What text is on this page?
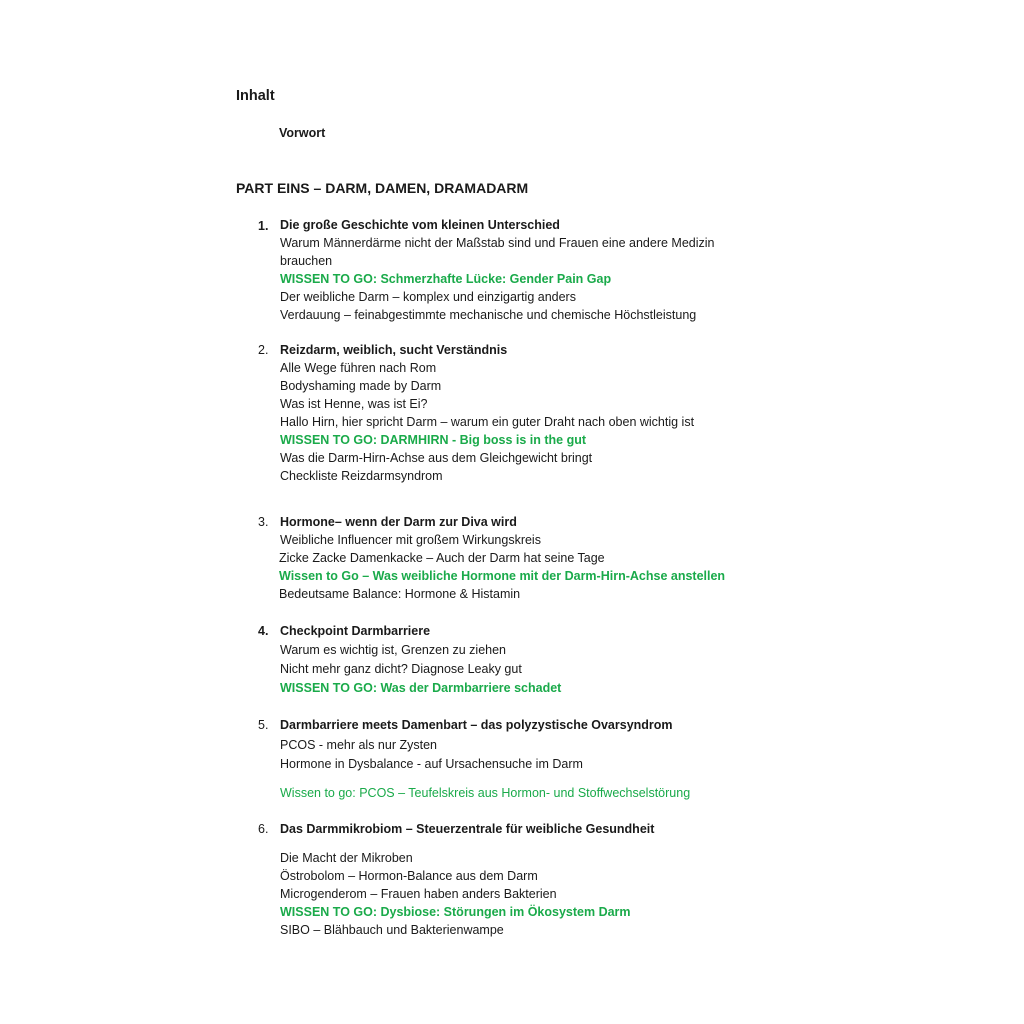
Inhalt
Vorwort
PART EINS – DARM, DAMEN, DRAMADARM
1. Die große Geschichte vom kleinen Unterschied
Warum Männerdärme nicht der Maßstab sind und Frauen eine andere Medizin
brauchen
WISSEN TO GO: Schmerzhafte Lücke: Gender Pain Gap
Der weibliche Darm – komplex und einzigartig anders
Verdauung – feinabgestimmte mechanische und chemische Höchstleistung
2. Reizdarm, weiblich, sucht Verständnis
Alle Wege führen nach Rom
Bodyshaming made by Darm
Was ist Henne, was ist Ei?
Hallo Hirn, hier spricht Darm – warum ein guter Draht nach oben wichtig ist
WISSEN TO GO: DARMHIRN - Big boss is in the gut
Was die Darm-Hirn-Achse aus dem Gleichgewicht bringt
Checkliste Reizdarmsyndrom
3. Hormone– wenn der Darm zur Diva wird
Weibliche Influencer mit großem Wirkungskreis
Zicke Zacke Damenkacke – Auch der Darm hat seine Tage
Wissen to Go – Was weibliche Hormone mit der Darm-Hirn-Achse anstellen
Bedeutsame Balance: Hormone & Histamin
4. Checkpoint Darmbarriere
Warum es wichtig ist, Grenzen zu ziehen
Nicht mehr ganz dicht? Diagnose Leaky gut
WISSEN TO GO: Was der Darmbarriere schadet
5. Darmbarriere meets Damenbart – das polyzystische Ovarsyndrom
PCOS - mehr als nur Zysten
Hormone in Dysbalance - auf Ursachensuche im Darm
Wissen to go: PCOS – Teufelskreis aus Hormon- und Stoffwechselstörung
6. Das Darmmikrobiom – Steuerzentrale für weibliche Gesundheit
Die Macht der Mikroben
Östrobolom – Hormon-Balance aus dem Darm
Microgenderom – Frauen haben anders Bakterien
WISSEN TO GO: Dysbiose: Störungen im Ökosystem Darm
SIBO – Blähbauch und Bakterienwampe
